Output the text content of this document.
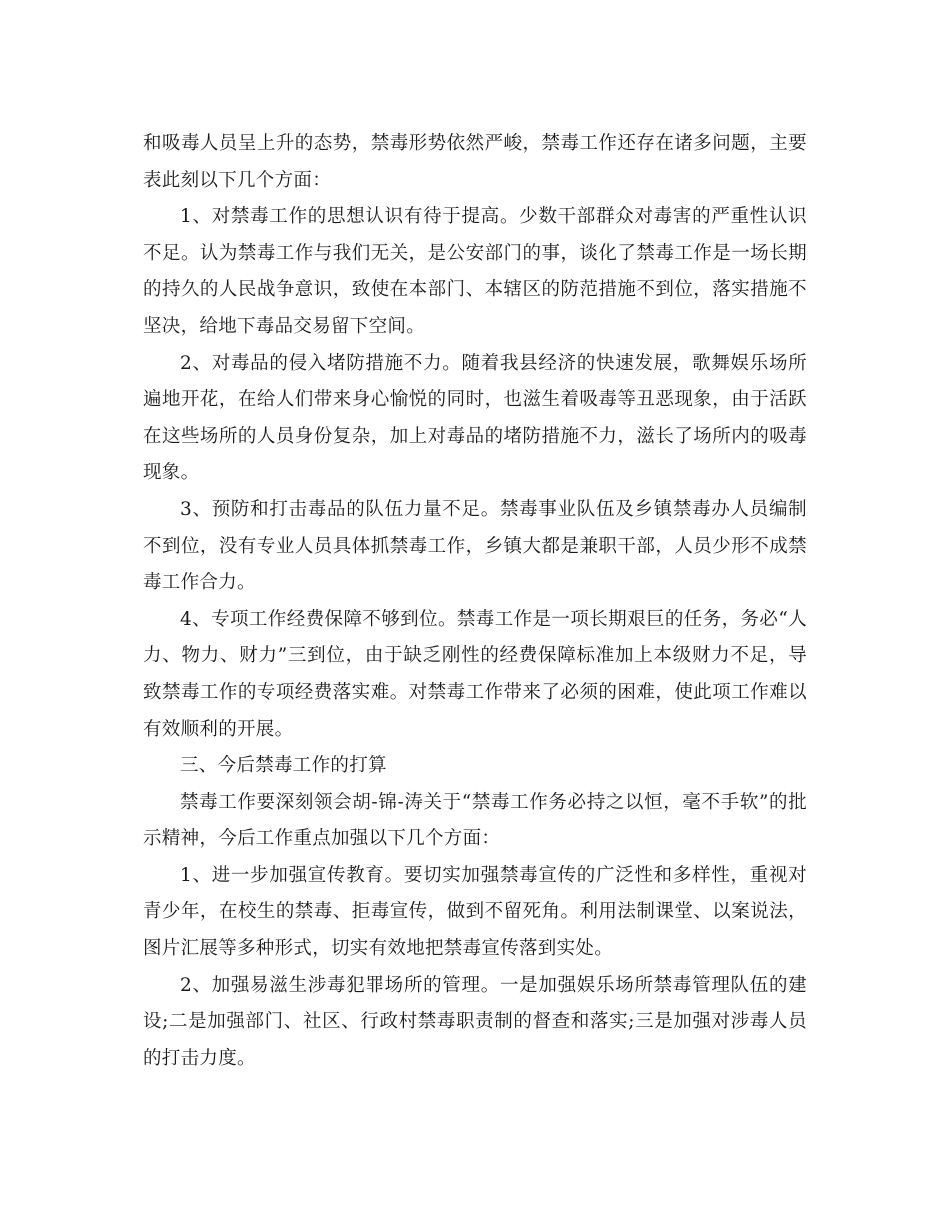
和吸毒人员呈上升的态势，禁毒形势依然严峻，禁毒工作还存在诸多问题，主要表此刻以下几个方面：

1、对禁毒工作的思想认识有待于提高。少数干部群众对毒害的严重性认识不足。认为禁毒工作与我们无关，是公安部门的事，谈化了禁毒工作是一场长期的持久的人民战争意识，致使在本部门、本辖区的防范措施不到位，落实措施不坚决，给地下毒品交易留下空间。

2、对毒品的侵入堵防措施不力。随着我县经济的快速发展，歌舞娱乐场所遍地开花，在给人们带来身心愉悦的同时，也滋生着吸毒等丑恶现象，由于活跃在这些场所的人员身份复杂，加上对毒品的堵防措施不力，滋长了场所内的吸毒现象。

3、预防和打击毒品的队伍力量不足。禁毒事业队伍及乡镇禁毒办人员编制不到位，没有专业人员具体抓禁毒工作，乡镇大都是兼职干部，人员少形不成禁毒工作合力。

4、专项工作经费保障不够到位。禁毒工作是一项长期艰巨的任务，务必“人力、物力、财力”三到位，由于缺乏刚性的经费保障标准加上本级财力不足，导致禁毒工作的专项经费落实难。对禁毒工作带来了必须的困难，使此项工作难以有效顺利的开展。

三、今后禁毒工作的打算

禁毒工作要深刻领会胡-锦-涛关于“禁毒工作务必持之以恒，毫不手软”的批示精神，今后工作重点加强以下几个方面：

1、进一步加强宣传教育。要切实加强禁毒宣传的广泛性和多样性，重视对青少年，在校生的禁毒、拒毒宣传，做到不留死角。利用法制课堂、以案说法，图片汇展等多种形式，切实有效地把禁毒宣传落到实处。

2、加强易滋生涉毒犯罪场所的管理。一是加强娱乐场所禁毒管理队伍的建设;二是加强部门、社区、行政村禁毒职责制的督查和落实;三是加强对涉毒人员的打击力度。
